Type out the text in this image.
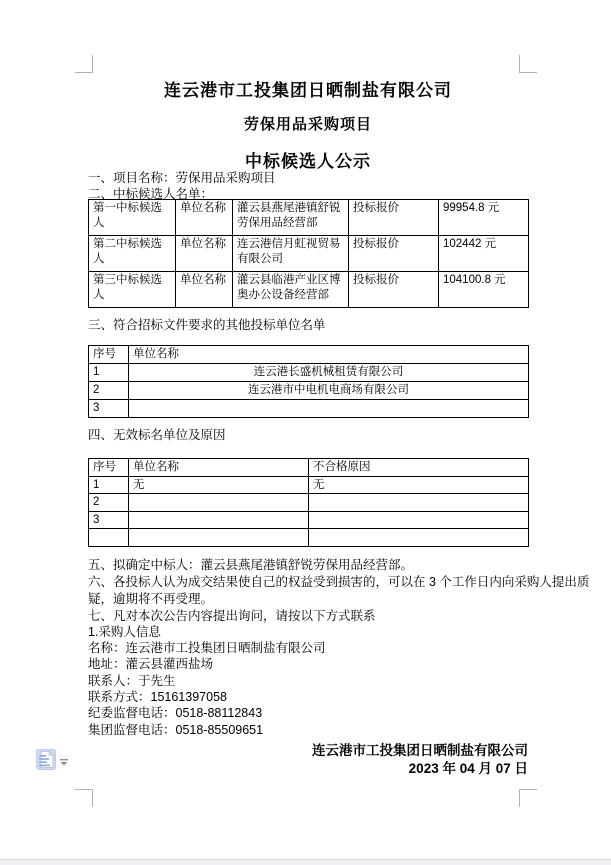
连云港市工投集团日晒制盐有限公司
劳保用品采购项目
中标候选人公示
一、项目名称：劳保用品采购项目
二、中标候选人名单：
第一中标候选人	单位名称	灌云县燕尾港镇舒锐劳保用品经营部	投标报价	99954.8 元
第二中标候选人	单位名称	连云港信月虹视贸易有限公司	投标报价	102442 元
第三中标候选人	单位名称	灌云县临港产业区博奥办公设备经营部	投标报价	104100.8 元
三、符合招标文件要求的其他投标单位名单
序号	单位名称
1	连云港长盛机械租赁有限公司
2	连云港市中电机电商场有限公司
3	
四、无效标名单位及原因
序号	单位名称	不合格原因
1	无	无
2		
3		

五、拟确定中标人：灌云县燕尾港镇舒锐劳保用品经营部。
六、各投标人认为成交结果使自己的权益受到损害的，可以在 3 个工作日内向采购人提出质
疑，逾期将不再受理。
七、凡对本次公告内容提出询问，请按以下方式联系
1.采购人信息
名称：连云港市工投集团日晒制盐有限公司
地址：灌云县灌西盐场
联系人：于先生
联系方式：15161397058
纪委监督电话：0518-88112843
集团监督电话：0518-85509651
连云港市工投集团日晒制盐有限公司
2023 年 04 月 07 日
